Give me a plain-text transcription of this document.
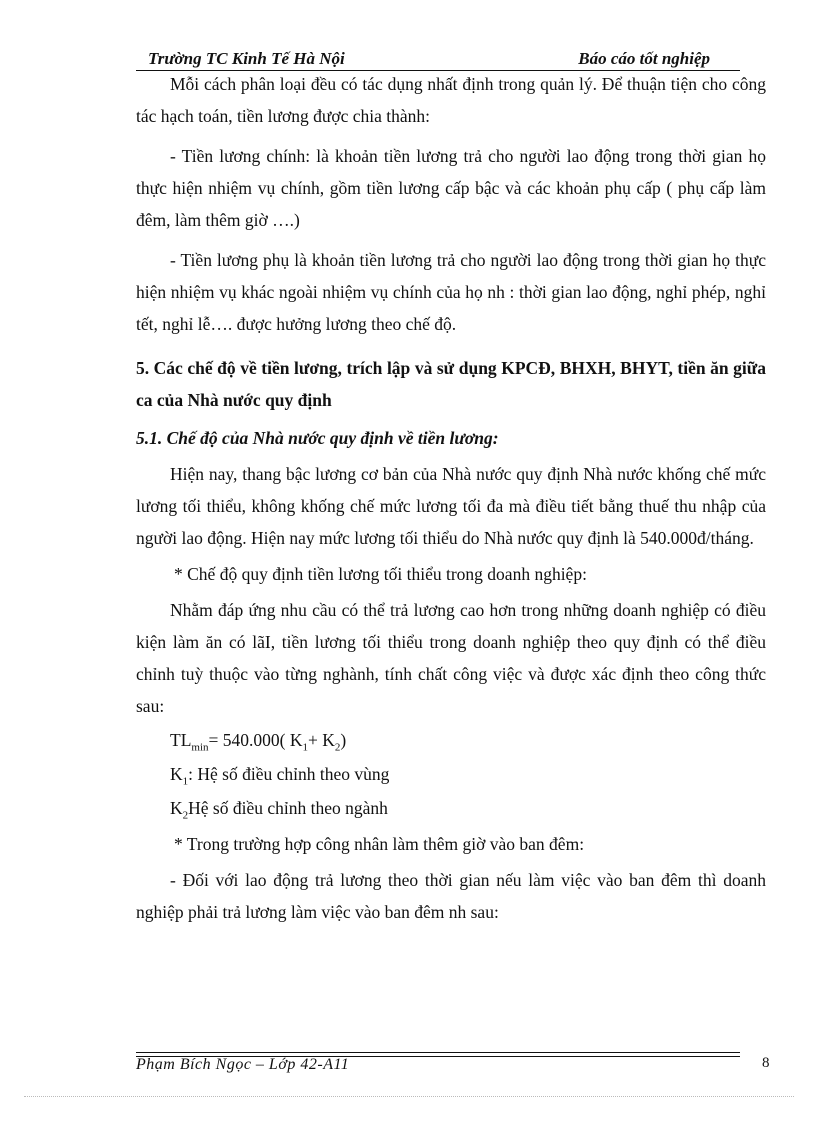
Trường TC Kinh Tế Hà Nội	Báo cáo tốt nghiệp

Mỗi cách phân loại đều có tác dụng nhất định trong quản lý. Để thuận tiện cho công tác hạch toán, tiền lương được chia thành:

- Tiền lương chính: là khoản tiền lương trả cho người lao động trong thời gian họ thực hiện nhiệm vụ chính, gồm tiền lương cấp bậc và các khoản phụ cấp ( phụ cấp làm đêm, làm thêm giờ ….)

- Tiền lương phụ là khoản tiền lương trả cho người lao động trong thời gian họ thực hiện nhiệm vụ khác ngoài nhiệm vụ chính của họ nh : thời gian lao động, nghỉ phép, nghỉ tết, nghỉ lễ…. được hưởng lương theo chế độ.

5. Các chế độ về tiền lương, trích lập và sử dụng KPCĐ, BHXH, BHYT, tiền ăn giữa ca của Nhà nước quy định

5.1. Chế độ của Nhà nước quy định về tiền lương:

Hiện nay, thang bậc lương cơ bản của Nhà nước quy định Nhà nước khống chế mức lương tối thiểu, không khống chế mức lương tối đa mà điều tiết bằng thuế thu nhập của người lao động. Hiện nay mức lương tối thiểu do Nhà nước quy định là 540.000đ/tháng.

* Chế độ quy định tiền lương tối thiểu trong doanh nghiệp:

Nhằm đáp ứng nhu cầu có thể trả lương cao hơn trong những doanh nghiệp có điều kiện làm ăn có lãI, tiền lương tối thiểu trong doanh nghiệp theo quy định có thể điều chỉnh tuỳ thuộc vào từng nghành, tính chất công việc và được xác định theo công thức sau:

$TL_{min}= 540.000$( $K_1+ K_2$)

$K_1$: Hệ số điều chỉnh theo vùng

$K_2Hệ$ số điều chỉnh theo ngành

* Trong trường hợp công nhân làm thêm giờ vào ban đêm:

- Đối với lao động trả lương theo thời gian nếu làm việc vào ban đêm thì doanh nghiệp phải trả lương làm việc vào ban đêm nh sau:

Phạm Bích Ngọc – Lớp 42-A11	8
